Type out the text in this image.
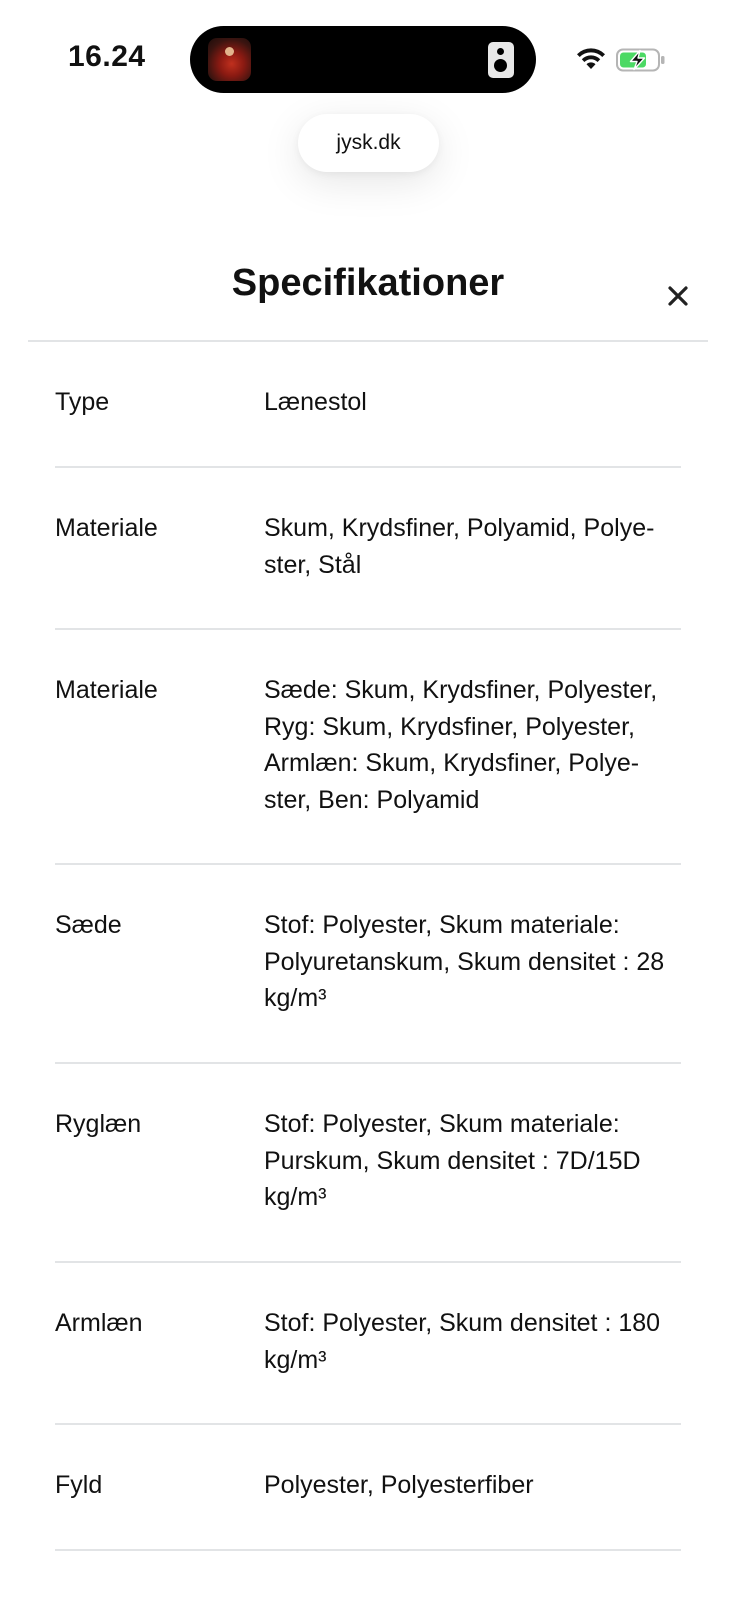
16.24
jysk.dk
Specifikationer
Type	Lænestol
Materiale	Skum, Krydsfiner, Polyamid, Polye-ster, Stål
Materiale	Sæde: Skum, Krydsfiner, Polyester, Ryg: Skum, Krydsfiner, Polyester, Armlæn: Skum, Krydsfiner, Polye-ster, Ben: Polyamid
Sæde	Stof: Polyester, Skum materiale: Polyuretanskum, Skum densitet : 28 kg/m³
Ryglæn	Stof: Polyester, Skum materiale: Purskum, Skum densitet : 7D/15D kg/m³
Armlæn	Stof: Polyester, Skum densitet : 180 kg/m³
Fyld	Polyester, Polyesterfiber
